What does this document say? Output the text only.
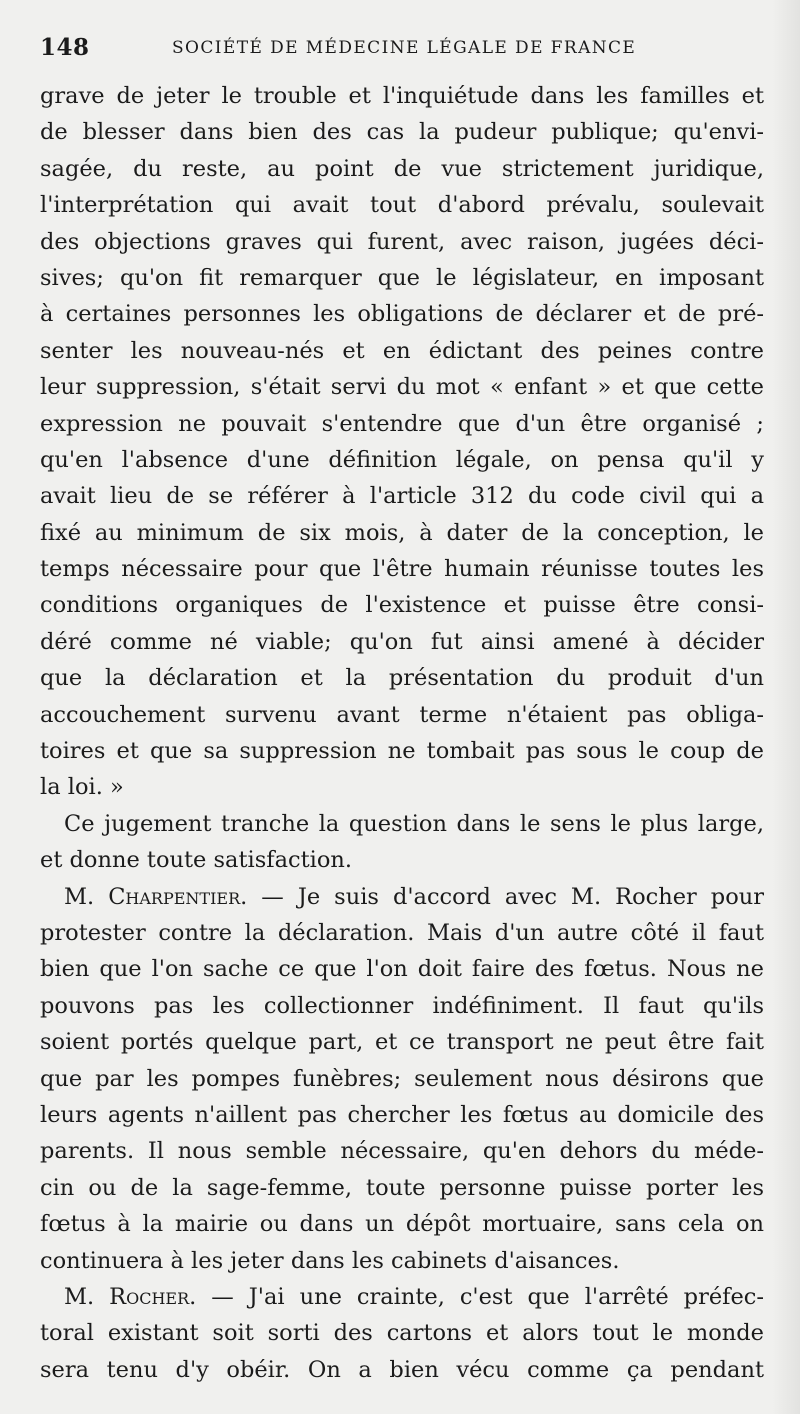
148	SOCIÉTÉ DE MÉDECINE LÉGALE DE FRANCE
grave de jeter le trouble et l'inquiétude dans les familles et
de blesser dans bien des cas la pudeur publique; qu'envi-
sagée, du reste, au point de vue strictement juridique,
l'interprétation qui avait tout d'abord prévalu, soulevait
des objections graves qui furent, avec raison, jugées déci-
sives; qu'on fit remarquer que le législateur, en imposant
à certaines personnes les obligations de déclarer et de pré-
senter les nouveau-nés et en édictant des peines contre
leur suppression, s'était servi du mot « enfant » et que cette
expression ne pouvait s'entendre que d'un être organisé ;
qu'en l'absence d'une définition légale, on pensa qu'il y
avait lieu de se référer à l'article 312 du code civil qui a
fixé au minimum de six mois, à dater de la conception, le
temps nécessaire pour que l'être humain réunisse toutes les
conditions organiques de l'existence et puisse être consi-
déré comme né viable; qu'on fut ainsi amené à décider
que la déclaration et la présentation du produit d'un
accouchement survenu avant terme n'étaient pas obliga-
toires et que sa suppression ne tombait pas sous le coup de
la loi. »
Ce jugement tranche la question dans le sens le plus large,
et donne toute satisfaction.
M. Charpentier. — Je suis d'accord avec M. Rocher pour
protester contre la déclaration. Mais d'un autre côté il faut
bien que l'on sache ce que l'on doit faire des fœtus. Nous ne
pouvons pas les collectionner indéfiniment. Il faut qu'ils
soient portés quelque part, et ce transport ne peut être fait
que par les pompes funèbres; seulement nous désirons que
leurs agents n'aillent pas chercher les fœtus au domicile des
parents. Il nous semble nécessaire, qu'en dehors du méde-
cin ou de la sage-femme, toute personne puisse porter les
fœtus à la mairie ou dans un dépôt mortuaire, sans cela on
continuera à les jeter dans les cabinets d'aisances.
M. Rocher. — J'ai une crainte, c'est que l'arrêté préfec-
toral existant soit sorti des cartons et alors tout le monde
sera tenu d'y obéir. On a bien vécu comme ça pendant
